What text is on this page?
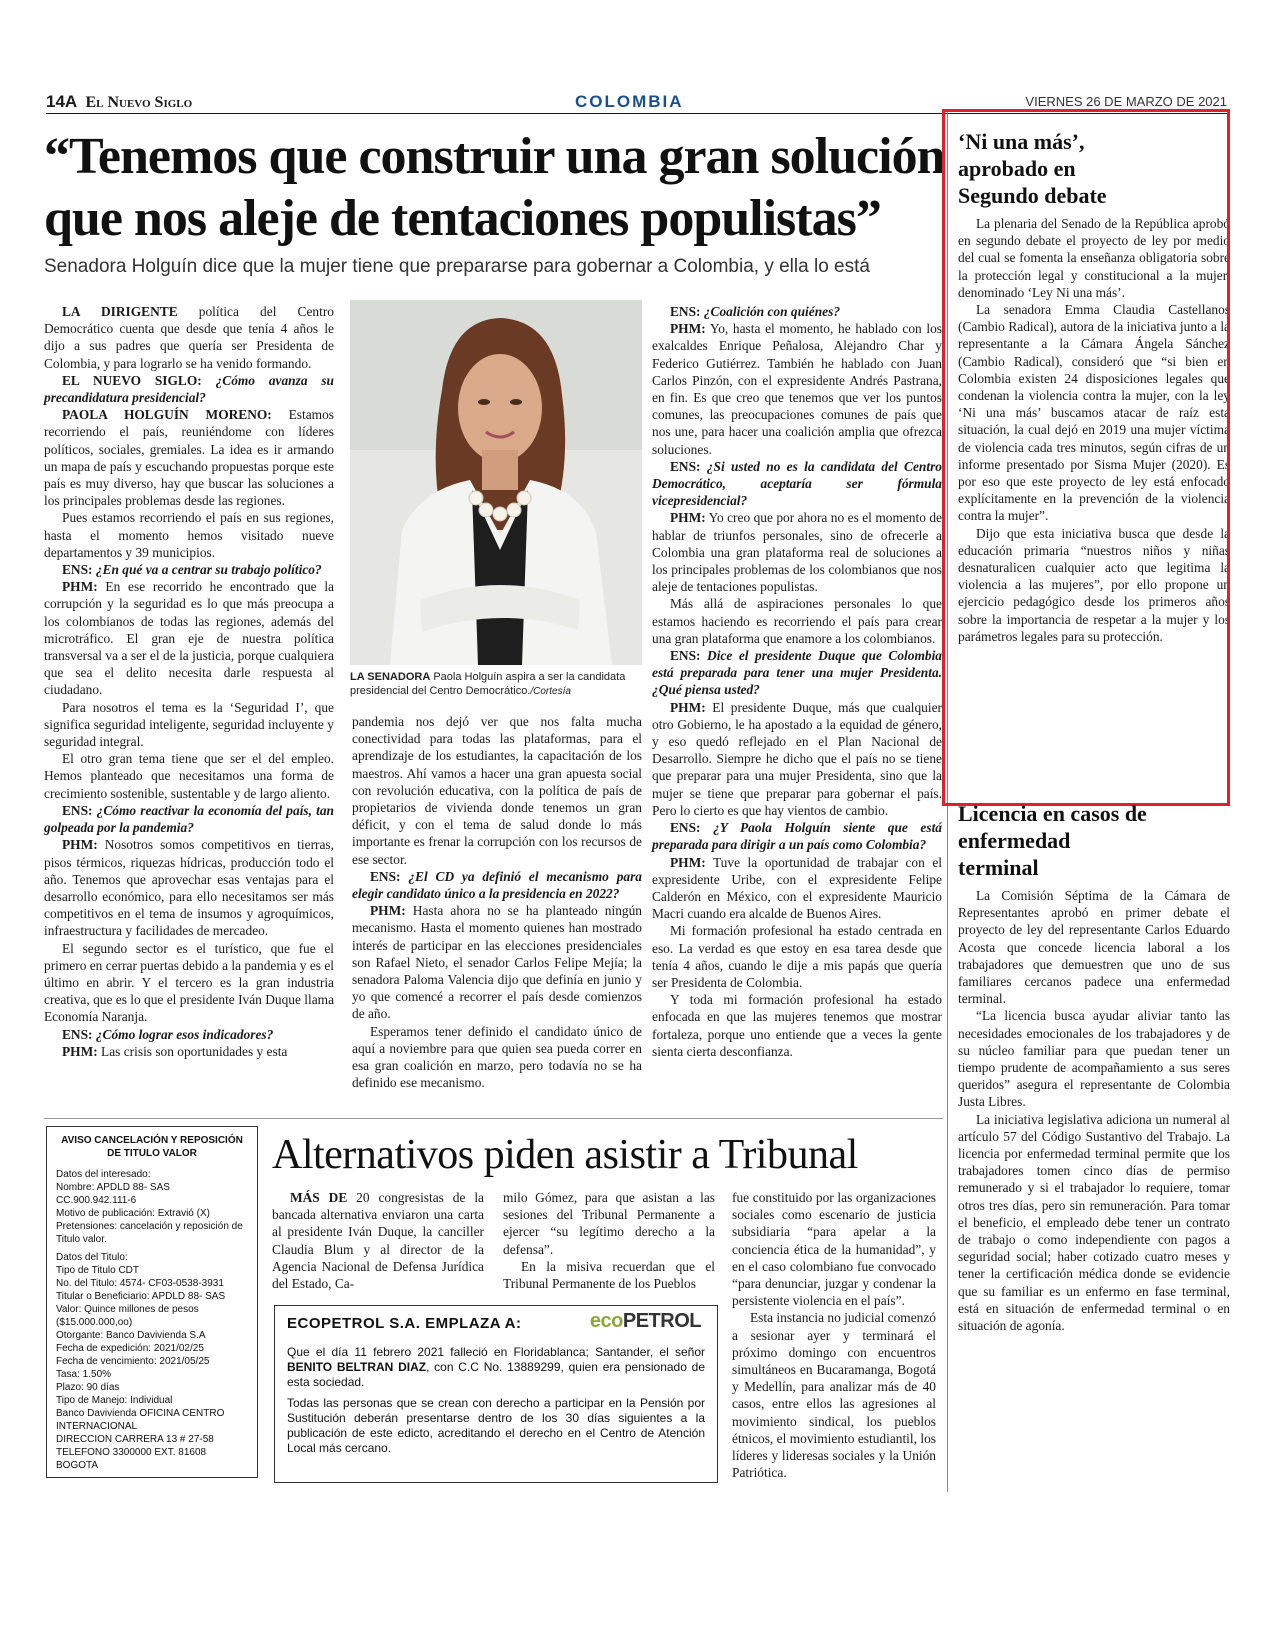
14A El Nuevo Siglo	COLOMBIA	VIERNES 26 DE MARZO DE 2021
“Tenemos que construir una gran solución que nos aleje de tentaciones populistas”
Senadora Holguín dice que la mujer tiene que prepararse para gobernar a Colombia, y ella lo está

LA DIRIGENTE política del Centro Democrático cuenta que desde que tenía 4 años le dijo a sus padres que quería ser Presidenta de Colombia, y para lograrlo se ha venido formando.

EL NUEVO SIGLO: ¿Cómo avanza su precandidatura presidencial?

PAOLA HOLGUÍN MORENO: Estamos recorriendo el país, reuniéndome con líderes políticos, sociales, gremiales. La idea es ir armando un mapa de país y escuchando propuestas porque este país es muy diverso, hay que buscar las soluciones a los principales problemas desde las regiones.

Pues estamos recorriendo el país en sus regiones, hasta el momento hemos visitado nueve departamentos y 39 municipios.

ENS: ¿En qué va a centrar su trabajo político?

PHM: En ese recorrido he encontrado que la corrupción y la seguridad es lo que más preocupa a los colombianos de todas las regiones, además del microtráfico. El gran eje de nuestra política transversal va a ser el de la justicia, porque cualquiera que sea el delito necesita darle respuesta al ciudadano.

Para nosotros el tema es la ‘Seguridad I’, que significa seguridad inteligente, seguridad incluyente y seguridad integral.

El otro gran tema tiene que ser el del empleo. Hemos planteado que necesitamos una forma de crecimiento sostenible, sustentable y de largo aliento.

ENS: ¿Cómo reactivar la economía del país, tan golpeada por la pandemia?

PHM: Nosotros somos competitivos en tierras, pisos térmicos, riquezas hídricas, producción todo el año. Tenemos que aprovechar esas ventajas para el desarrollo económico, para ello necesitamos ser más competitivos en el tema de insumos y agroquímicos, infraestructura y facilidades de mercadeo.

El segundo sector es el turístico, que fue el primero en cerrar puertas debido a la pandemia y es el último en abrir. Y el tercero es la gran industria creativa, que es lo que el presidente Iván Duque llama Economía Naranja.

ENS: ¿Cómo lograr esos indicadores?

PHM: Las crisis son oportunidades y esta

LA SENADORA Paola Holguín aspira a ser la candidata presidencial del Centro Democrático./Cortesía

pandemia nos dejó ver que nos falta mucha conectividad para todas las plataformas, para el aprendizaje de los estudiantes, la capacitación de los maestros. Ahí vamos a hacer una gran apuesta social con revolución educativa, con la política de país de propietarios de vivienda donde tenemos un gran déficit, y con el tema de salud donde lo más importante es frenar la corrupción con los recursos de ese sector.

ENS: ¿El CD ya definió el mecanismo para elegir candidato único a la presidencia en 2022?

PHM: Hasta ahora no se ha planteado ningún mecanismo. Hasta el momento quienes han mostrado interés de participar en las elecciones presidenciales son Rafael Nieto, el senador Carlos Felipe Mejía; la senadora Paloma Valencia dijo que definía en junio y yo que comencé a recorrer el país desde comienzos de año.

Esperamos tener definido el candidato único de aquí a noviembre para que quien sea pueda correr en esa gran coalición en marzo, pero todavía no se ha definido ese mecanismo.

ENS: ¿Coalición con quiénes?

PHM: Yo, hasta el momento, he hablado con los exalcaldes Enrique Peñalosa, Alejandro Char y Federico Gutiérrez. También he hablado con Juan Carlos Pinzón, con el expresidente Andrés Pastrana, en fin. Es que creo que tenemos que ver los puntos comunes, las preocupaciones comunes de país que nos une, para hacer una coalición amplia que ofrezca soluciones.

ENS: ¿Si usted no es la candidata del Centro Democrático, aceptaría ser fórmula vicepresidencial?

PHM: Yo creo que por ahora no es el momento de hablar de triunfos personales, sino de ofrecerle a Colombia una gran plataforma real de soluciones a los principales problemas de los colombianos que nos aleje de tentaciones populistas.

Más allá de aspiraciones personales lo que estamos haciendo es recorriendo el país para crear una gran plataforma que enamore a los colombianos.

ENS: Dice el presidente Duque que Colombia está preparada para tener una mujer Presidenta. ¿Qué piensa usted?

PHM: El presidente Duque, más que cualquier otro Gobierno, le ha apostado a la equidad de género, y eso quedó reflejado en el Plan Nacional de Desarrollo. Siempre he dicho que el país no se tiene que preparar para una mujer Presidenta, sino que la mujer se tiene que preparar para gobernar el país. Pero lo cierto es que hay vientos de cambio.

ENS: ¿Y Paola Holguín siente que está preparada para dirigir a un país como Colombia?

PHM: Tuve la oportunidad de trabajar con el expresidente Uribe, con el expresidente Felipe Calderón en México, con el expresidente Mauricio Macri cuando era alcalde de Buenos Aires.

Mi formación profesional ha estado centrada en eso. La verdad es que estoy en esa tarea desde que tenía 4 años, cuando le dije a mis papás que quería ser Presidenta de Colombia.

Y toda mi formación profesional ha estado enfocada en que las mujeres tenemos que mostrar fortaleza, porque uno entiende que a veces la gente sienta cierta desconfianza.

‘Ni una más’, aprobado en Segundo debate

La plenaria del Senado de la República aprobó en segundo debate el proyecto de ley por medio del cual se fomenta la enseñanza obligatoria sobre la protección legal y constitucional a la mujer, denominado ‘Ley Ni una más’.

La senadora Emma Claudia Castellanos (Cambio Radical), autora de la iniciativa junto a la representante a la Cámara Ángela Sánchez (Cambio Radical), consideró que “si bien en Colombia existen 24 disposiciones legales que condenan la violencia contra la mujer, con la ley ‘Ni una más’ buscamos atacar de raíz esta situación, la cual dejó en 2019 una mujer víctima de violencia cada tres minutos, según cifras de un informe presentado por Sisma Mujer (2020). Es por eso que este proyecto de ley está enfocado explícitamente en la prevención de la violencia contra la mujer”.

Dijo que esta iniciativa busca que desde la educación primaria “nuestros niños y niñas desnaturalicen cualquier acto que legitima la violencia a las mujeres”, por ello propone un ejercicio pedagógico desde los primeros años sobre la importancia de respetar a la mujer y los parámetros legales para su protección.

Licencia en casos de enfermedad terminal

La Comisión Séptima de la Cámara de Representantes aprobó en primer debate el proyecto de ley del representante Carlos Eduardo Acosta que concede licencia laboral a los trabajadores que demuestren que uno de sus familiares cercanos padece una enfermedad terminal.

“La licencia busca ayudar aliviar tanto las necesidades emocionales de los trabajadores y de su núcleo familiar para que puedan tener un tiempo prudente de acompañamiento a sus seres queridos” asegura el representante de Colombia Justa Libres.

La iniciativa legislativa adiciona un numeral al artículo 57 del Código Sustantivo del Trabajo. La licencia por enfermedad terminal permite que los trabajadores tomen cinco días de permiso remunerado y si el trabajador lo requiere, tomar otros tres días, pero sin remuneración. Para tomar el beneficio, el empleado debe tener un contrato de trabajo o como independiente con pagos a seguridad social; haber cotizado cuatro meses y tener la certificación médica donde se evidencie que su familiar es un enfermo en fase terminal, está en situación de enfermedad terminal o en situación de agonía.

AVISO CANCELACIÓN Y REPOSICIÓN DE TITULO VALOR
Datos del interesado:
Nombre: APDLD 88- SAS
CC.900.942.111-6
Motivo de publicación: Extravió (X)
Pretensiones: cancelación y reposición de Titulo valor.
Datos del Titulo:
Tipo de Titulo CDT
No. del Titulo: 4574- CF03-0538-3931
Titular o Beneficiario: APDLD 88- SAS
Valor: Quince millones de pesos ($15.000.000,oo)
Otorgante: Banco Davivienda S.A
Fecha de expedición: 2021/02/25
Fecha de vencimiento: 2021/05/25
Tasa: 1.50%
Plazo: 90 días
Tipo de Manejo: Individual
Banco Davivienda OFICINA CENTRO INTERNACIONAL
DIRECCION CARRERA 13 # 27-58 TELEFONO 3300000 EXT. 81608
BOGOTA
Alternativos piden asistir a Tribunal

MÁS DE 20 congresistas de la bancada alternativa enviaron una carta al presidente Iván Duque, la canciller Claudia Blum y al director de la Agencia Nacional de Defensa Jurídica del Estado, Ca-

milo Gómez, para que asistan a las sesiones del Tribunal Permanente a ejercer “su legítimo derecho a la defensa”.

En la misiva recuerdan que el Tribunal Permanente de los Pueblos

fue constituido por las organizaciones sociales como escenario de justicia subsidiaria “para apelar a la conciencia ética de la humanidad”, y en el caso colombiano fue convocado “para denunciar, juzgar y condenar la persistente violencia en el país”.

Esta instancia no judicial comenzó a sesionar ayer y terminará el próximo domingo con encuentros simultáneos en Bucaramanga, Bogotá y Medellín, para analizar más de 40 casos, entre ellos las agresiones al movimiento sindical, los pueblos étnicos, el movimiento estudiantil, los líderes y lideresas sociales y la Unión Patriótica.

ECOPETROL S.A. EMPLAZA A:	ecoPETROL

Que el día 11 febrero 2021 falleció en Floridablanca; Santander, el señor BENITO BELTRAN DIAZ, con C.C No. 13889299, quien era pensionado de esta sociedad.

Todas las personas que se crean con derecho a participar en la Pensión por Sustitución deberán presentarse dentro de los 30 días siguientes a la publicación de este edicto, acreditando el derecho en el Centro de Atención Local más cercano.
